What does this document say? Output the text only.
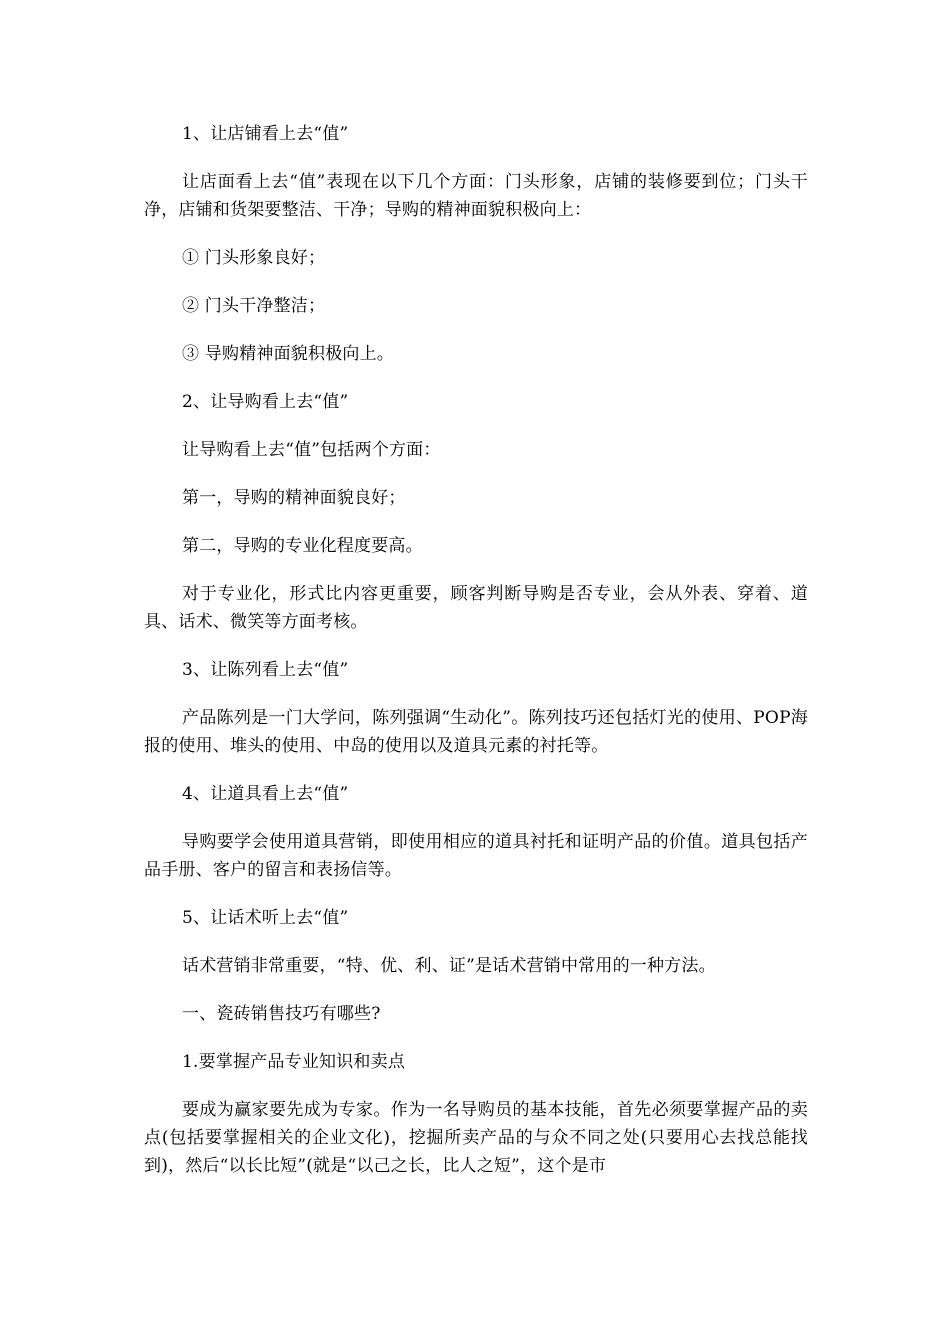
1、让店铺看上去“值”

让店面看上去“值”表现在以下几个方面：门头形象，店铺的装修要到位；门头干净，店铺和货架要整洁、干净；导购的精神面貌积极向上：

① 门头形象良好；

② 门头干净整洁；

③ 导购精神面貌积极向上。

2、让导购看上去“值”

让导购看上去“值”包括两个方面：

第一，导购的精神面貌良好；

第二，导购的专业化程度要高。

对于专业化，形式比内容更重要，顾客判断导购是否专业，会从外表、穿着、道具、话术、微笑等方面考核。

3、让陈列看上去“值”

产品陈列是一门大学问，陈列强调“生动化”。陈列技巧还包括灯光的使用、POP海报的使用、堆头的使用、中岛的使用以及道具元素的衬托等。

4、让道具看上去“值”

导购要学会使用道具营销，即使用相应的道具衬托和证明产品的价值。道具包括产品手册、客户的留言和表扬信等。

5、让话术听上去“值”

话术营销非常重要，“特、优、利、证”是话术营销中常用的一种方法。

一、瓷砖销售技巧有哪些?

1.要掌握产品专业知识和卖点

要成为赢家要先成为专家。作为一名导购员的基本技能，首先必须要掌握产品的卖点(包括要掌握相关的企业文化)，挖掘所卖产品的与众不同之处(只要用心去找总能找到)，然后“以长比短”(就是“以己之长，比人之短”，这个是市
